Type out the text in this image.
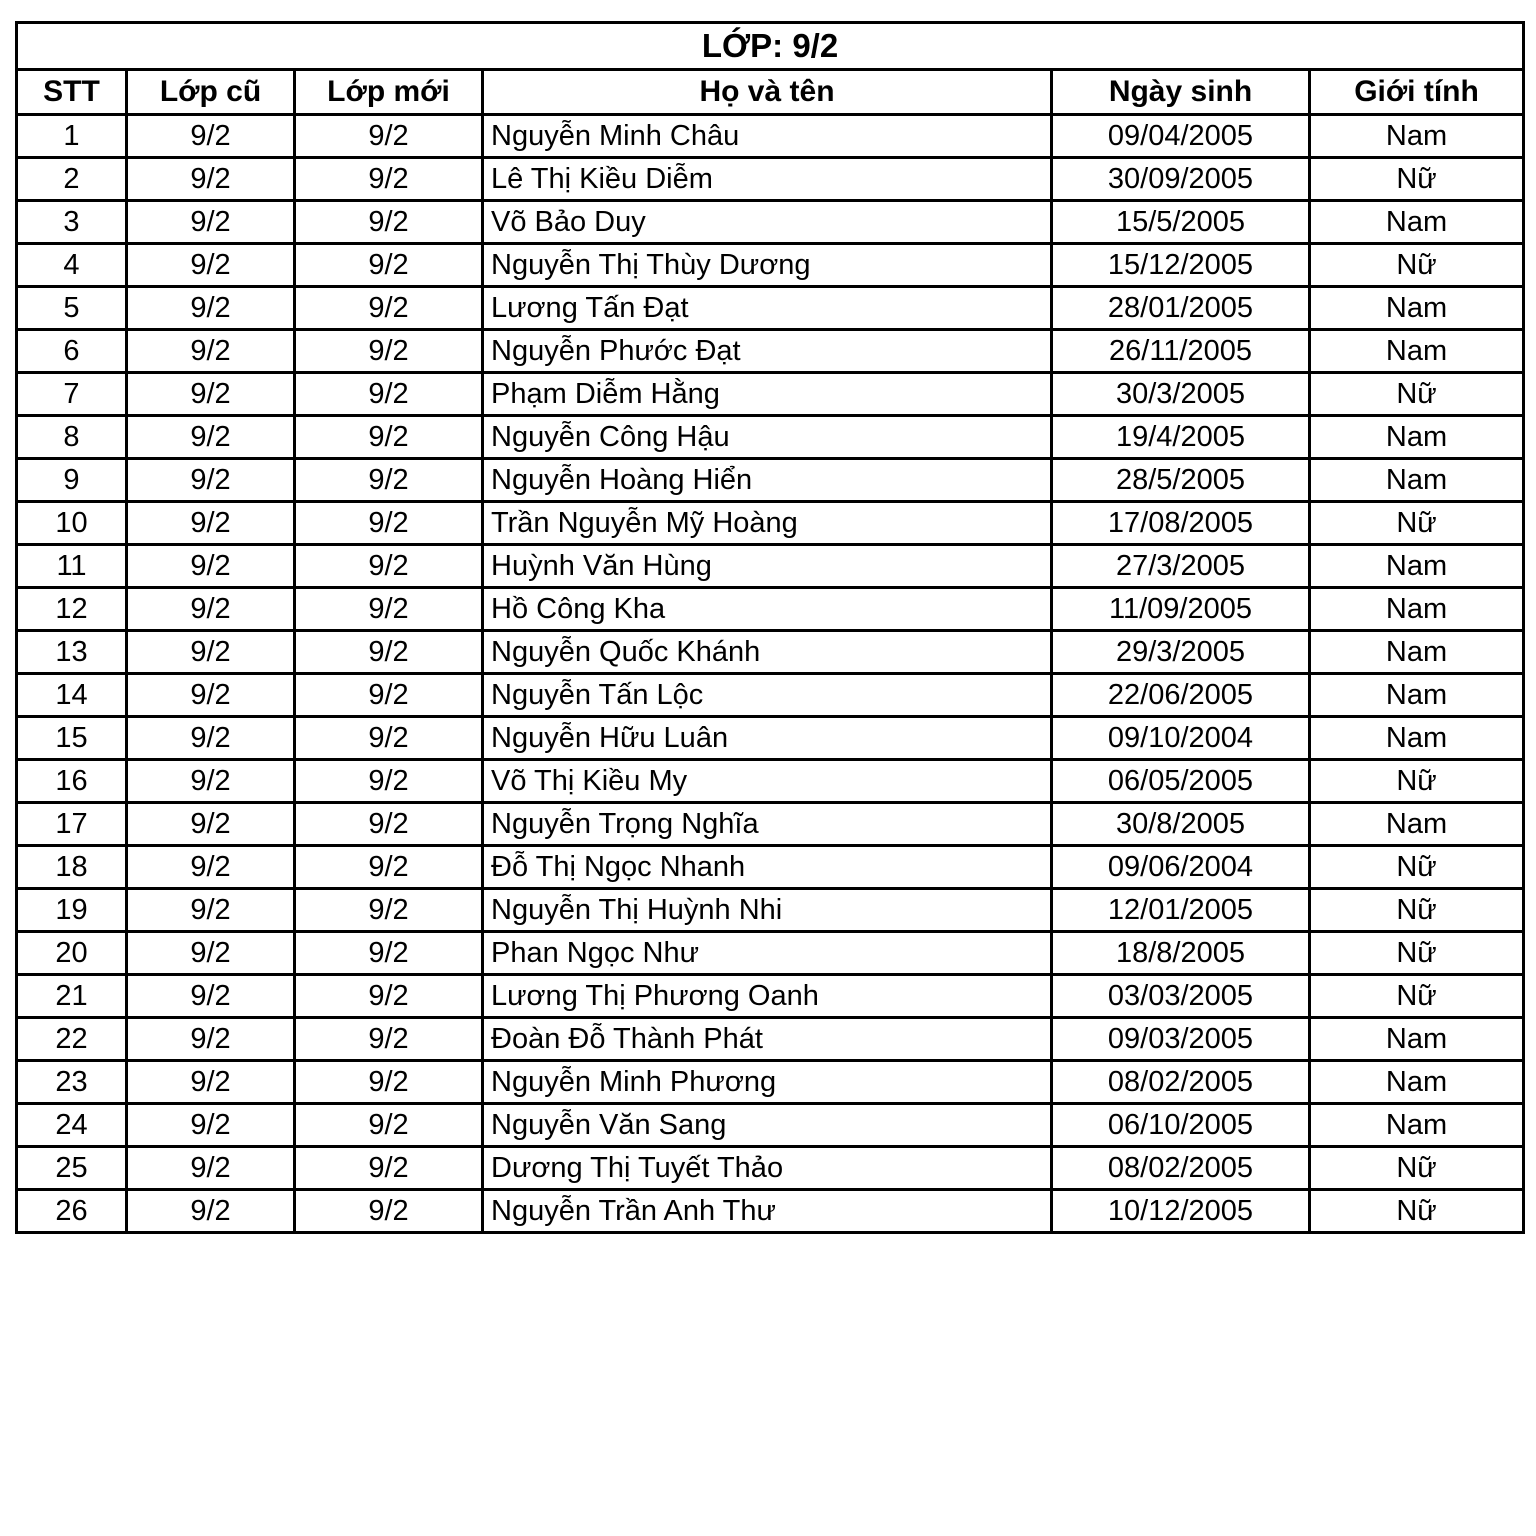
LỚP: 9/2					
STT	Lớp cũ	Lớp mới	Họ và tên	Ngày sinh	Giới tính
1	9/2	9/2	Nguyễn Minh Châu	09/04/2005	Nam
2	9/2	9/2	Lê Thị Kiều Diễm	30/09/2005	Nữ
3	9/2	9/2	Võ Bảo Duy	15/5/2005	Nam
4	9/2	9/2	Nguyễn Thị Thùy Dương	15/12/2005	Nữ
5	9/2	9/2	Lương Tấn Đạt	28/01/2005	Nam
6	9/2	9/2	Nguyễn Phước Đạt	26/11/2005	Nam
7	9/2	9/2	Phạm Diễm Hằng	30/3/2005	Nữ
8	9/2	9/2	Nguyễn Công Hậu	19/4/2005	Nam
9	9/2	9/2	Nguyễn Hoàng Hiển	28/5/2005	Nam
10	9/2	9/2	Trần Nguyễn Mỹ Hoàng	17/08/2005	Nữ
11	9/2	9/2	Huỳnh Văn Hùng	27/3/2005	Nam
12	9/2	9/2	Hồ Công Kha	11/09/2005	Nam
13	9/2	9/2	Nguyễn Quốc Khánh	29/3/2005	Nam
14	9/2	9/2	Nguyễn Tấn Lộc	22/06/2005	Nam
15	9/2	9/2	Nguyễn Hữu Luân	09/10/2004	Nam
16	9/2	9/2	Võ Thị Kiều My	06/05/2005	Nữ
17	9/2	9/2	Nguyễn Trọng Nghĩa	30/8/2005	Nam
18	9/2	9/2	Đỗ Thị Ngọc Nhanh	09/06/2004	Nữ
19	9/2	9/2	Nguyễn Thị Huỳnh Nhi	12/01/2005	Nữ
20	9/2	9/2	Phan Ngọc Như	18/8/2005	Nữ
21	9/2	9/2	Lương Thị Phương Oanh	03/03/2005	Nữ
22	9/2	9/2	Đoàn Đỗ Thành Phát	09/03/2005	Nam
23	9/2	9/2	Nguyễn Minh Phương	08/02/2005	Nam
24	9/2	9/2	Nguyễn Văn Sang	06/10/2005	Nam
25	9/2	9/2	Dương Thị Tuyết Thảo	08/02/2005	Nữ
26	9/2	9/2	Nguyễn Trần Anh Thư	10/12/2005	Nữ
